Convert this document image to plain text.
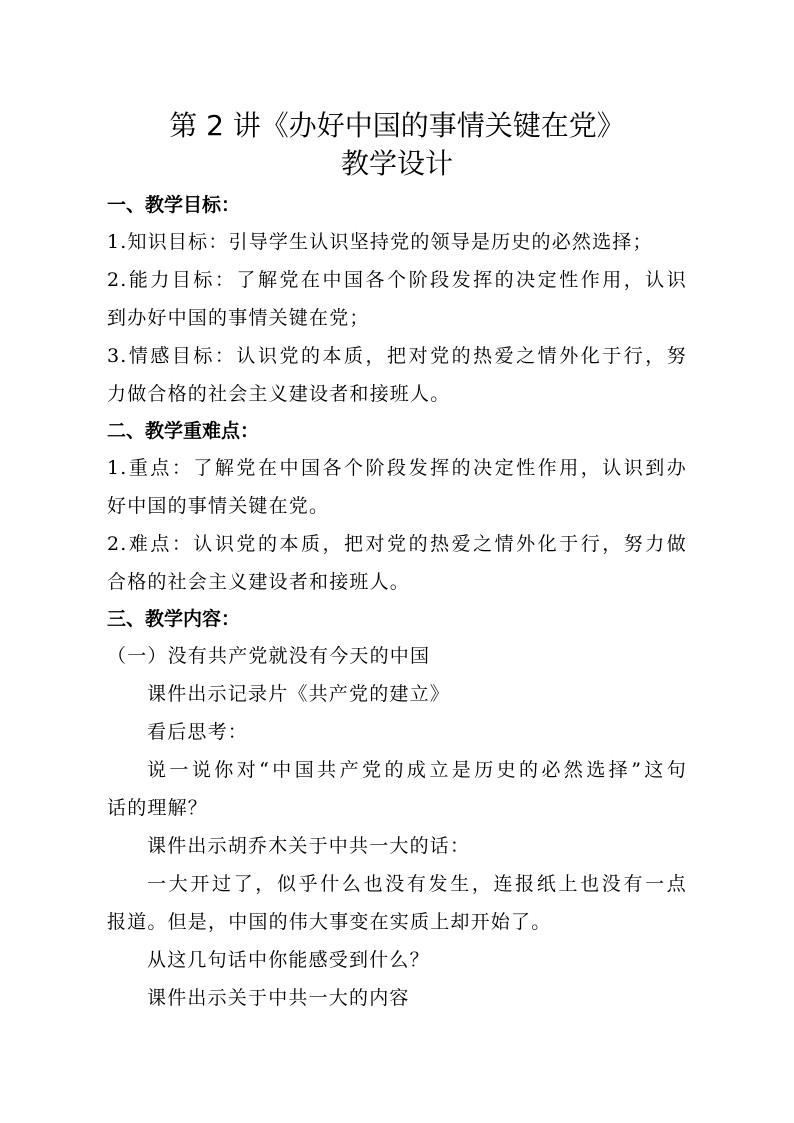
第 2 讲《办好中国的事情关键在党》
教学设计
一、教学目标：
1.知识目标：引导学生认识坚持党的领导是历史的必然选择；
2.能力目标：了解党在中国各个阶段发挥的决定性作用，认识
到办好中国的事情关键在党；
3.情感目标：认识党的本质，把对党的热爱之情外化于行，努
力做合格的社会主义建设者和接班人。
二、教学重难点：
1.重点：了解党在中国各个阶段发挥的决定性作用，认识到办
好中国的事情关键在党。
2.难点：认识党的本质，把对党的热爱之情外化于行，努力做
合格的社会主义建设者和接班人。
三、教学内容：
（一）没有共产党就没有今天的中国
课件出示记录片《共产党的建立》
看后思考：
说一说你对“中国共产党的成立是历史的必然选择”这句
话的理解？
课件出示胡乔木关于中共一大的话：
一大开过了，似乎什么也没有发生，连报纸上也没有一点
报道。但是，中国的伟大事变在实质上却开始了。
从这几句话中你能感受到什么？
课件出示关于中共一大的内容
